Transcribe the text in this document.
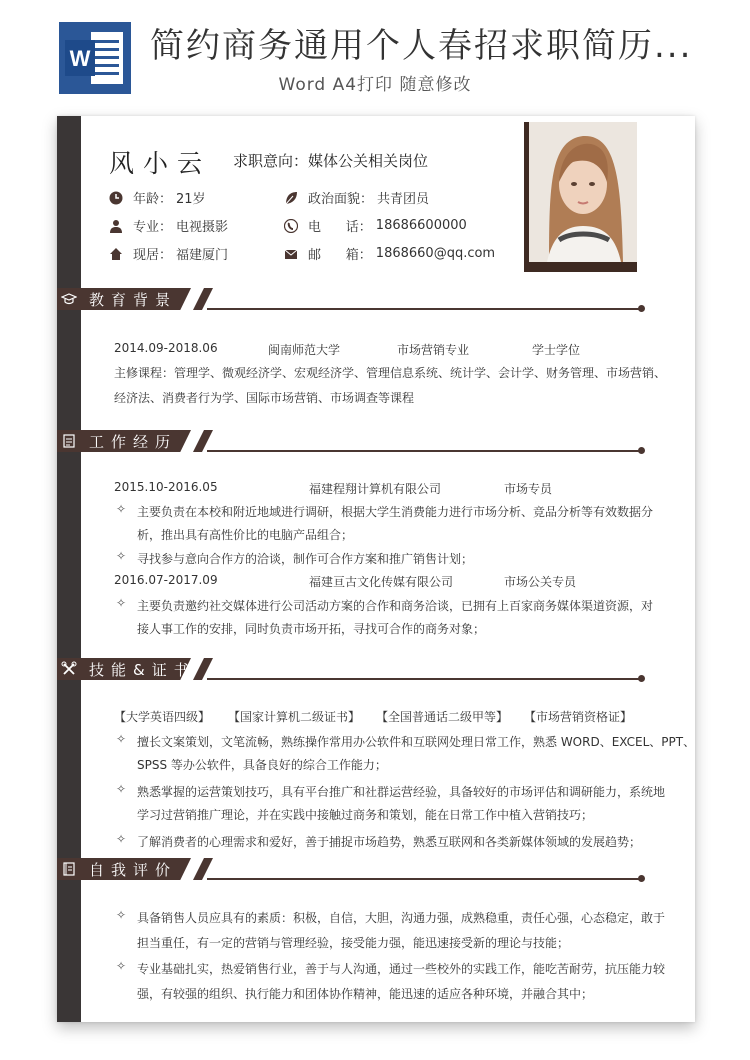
W 简约商务通用个人春招求职简历...
Word A4打印 随意修改
风小云 求职意向：媒体公关相关岗位
年龄： 21岁	政治面貌： 共青团员
专业： 电视摄影	电      话： 18686600000
现居： 福建厦门	邮      箱： 1868660@qq.com
教育背景
2014.09-2018.06	闽南师范大学	市场营销专业	学士学位
主修课程：管理学、微观经济学、宏观经济学、管理信息系统、统计学、会计学、财务管理、市场营销、
经济法、消费者行为学、国际市场营销、市场调查等课程
工作经历
2015.10-2016.05	福建程翔计算机有限公司	市场专员
✧ 主要负责在本校和附近地域进行调研，根据大学生消费能力进行市场分析、竞品分析等有效数据分
析，推出具有高性价比的电脑产品组合；
✧ 寻找参与意向合作方的洽谈，制作可合作方案和推广销售计划；
2016.07-2017.09	福建亘古文化传媒有限公司	市场公关专员
✧ 主要负责邀约社交媒体进行公司活动方案的合作和商务洽谈，已拥有上百家商务媒体渠道资源，对
接人事工作的安排，同时负责市场开拓，寻找可合作的商务对象；
技能&证书
【大学英语四级】 【国家计算机二级证书】 【全国普通话二级甲等】 【市场营销资格证】
✧ 擅长文案策划，文笔流畅，熟练操作常用办公软件和互联网处理日常工作，熟悉 WORD、EXCEL、PPT、
SPSS 等办公软件，具备良好的综合工作能力；
✧ 熟悉掌握的运营策划技巧，具有平台推广和社群运营经验，具备较好的市场评估和调研能力，系统地
学习过营销推广理论，并在实践中接触过商务和策划，能在日常工作中植入营销技巧；
✧ 了解消费者的心理需求和爱好，善于捕捉市场趋势，熟悉互联网和各类新媒体领域的发展趋势；
自我评价
✧ 具备销售人员应具有的素质：积极，自信，大胆，沟通力强，成熟稳重，责任心强，心态稳定，敢于
担当重任，有一定的营销与管理经验，接受能力强，能迅速接受新的理论与技能；
✧ 专业基础扎实，热爱销售行业，善于与人沟通，通过一些校外的实践工作，能吃苦耐劳，抗压能力较
强，有较强的组织、执行能力和团体协作精神，能迅速的适应各种环境，并融合其中；
